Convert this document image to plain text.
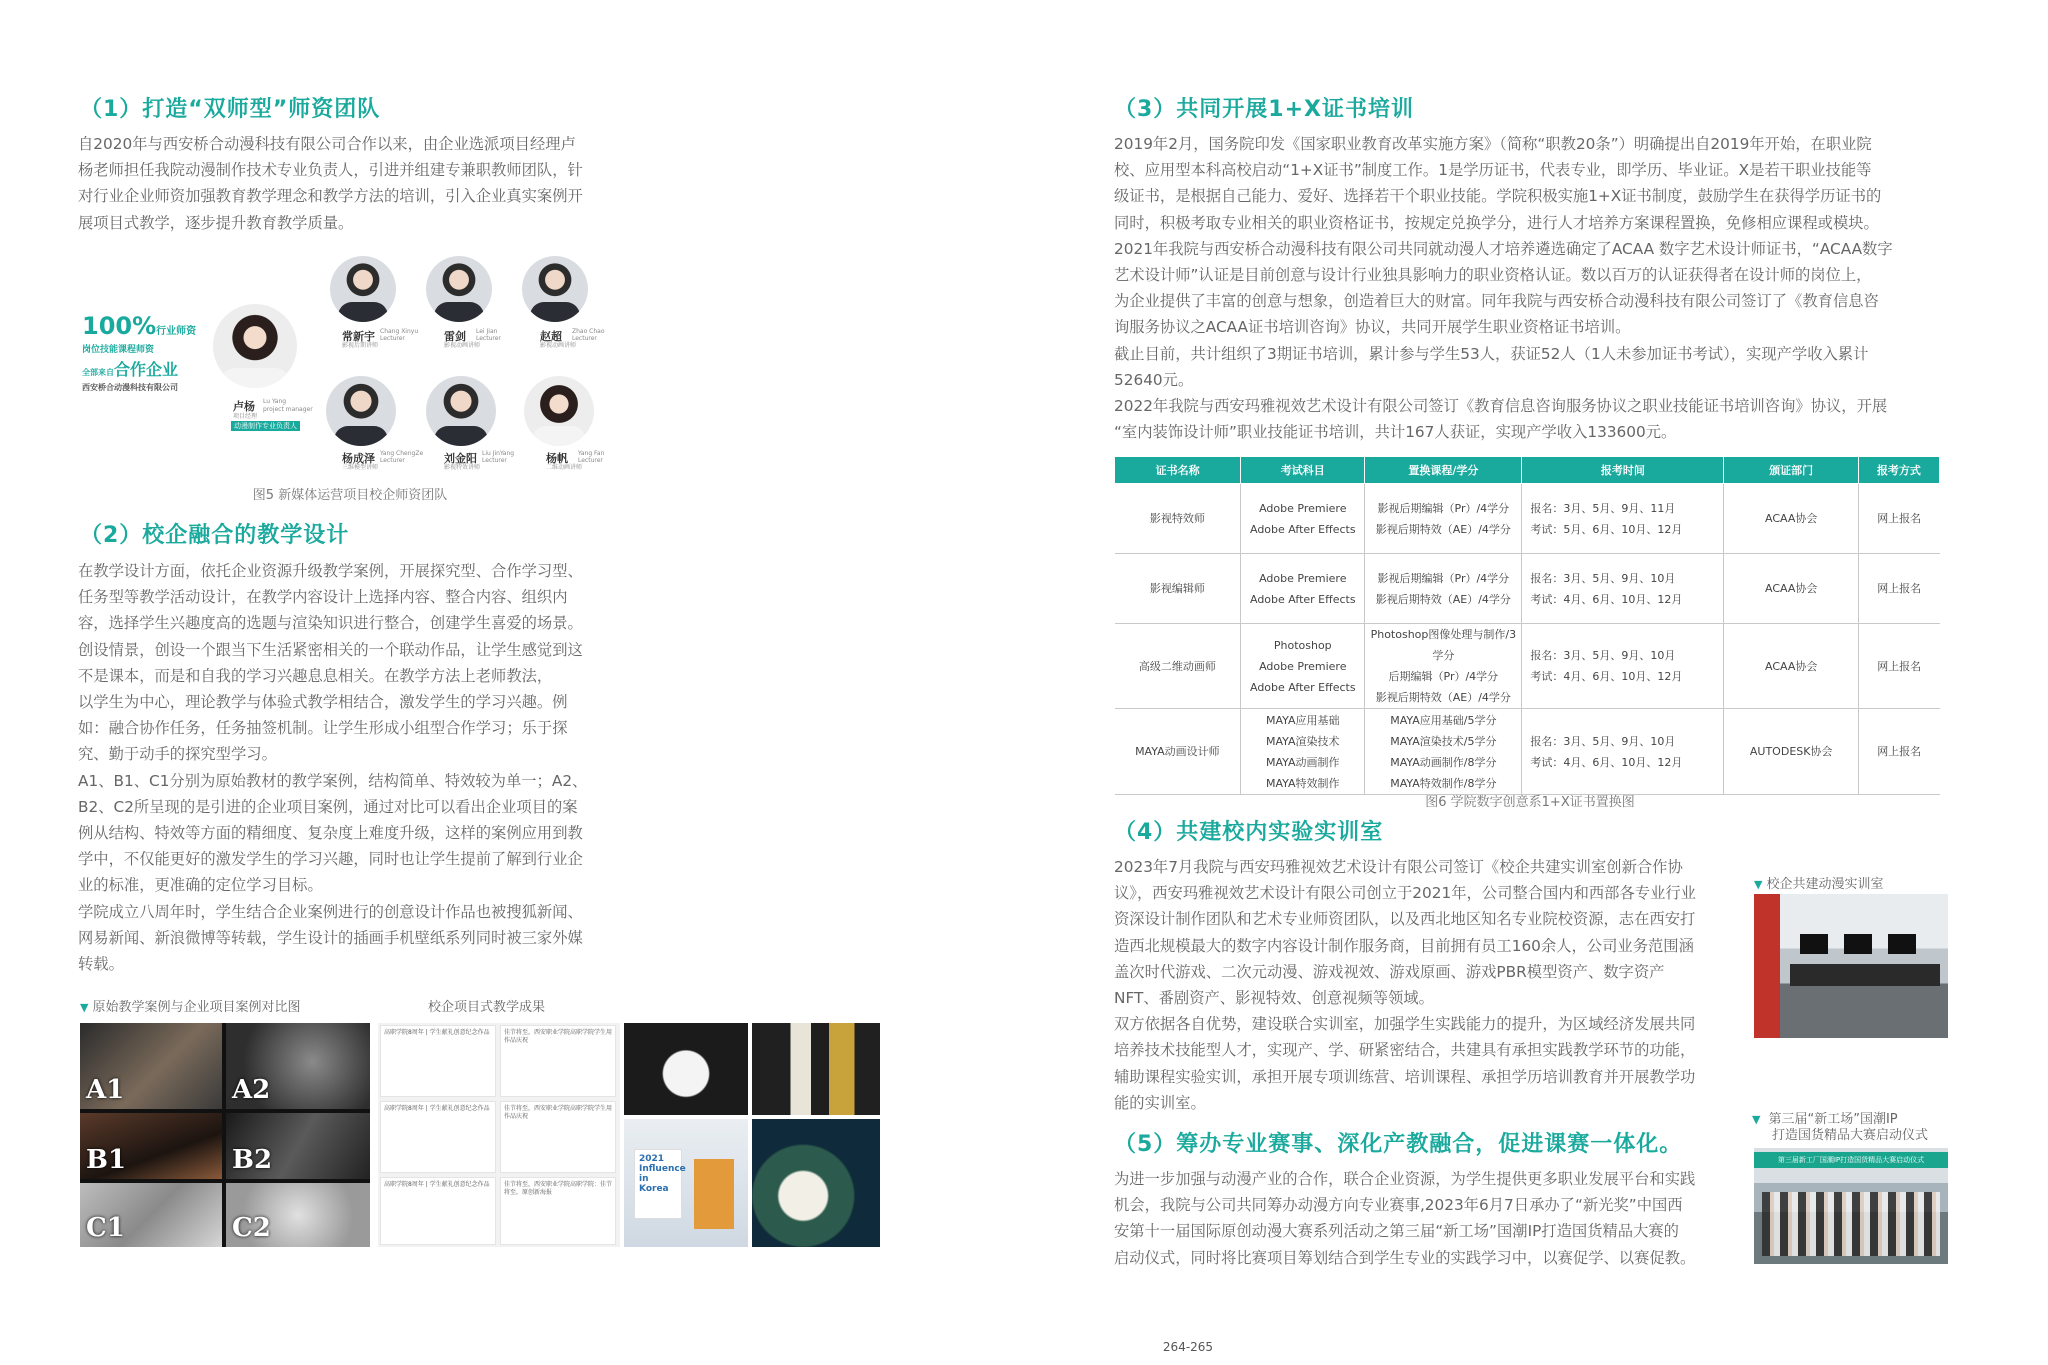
（1）打造“双师型”师资团队

自2020年与西安桥合动漫科技有限公司合作以来，由企业选派项目经理卢

杨老师担任我院动漫制作技术专业负责人，引进并组建专兼职教师团队，针

对行业企业师资加强教育教学理念和教学方法的培训，引入企业真实案例开

展项目式教学，逐步提升教育教学质量。

100%行业师资
岗位技能课程师资
全部来自合作企业
西安桥合动漫科技有限公司
卢杨 Lu Yang
project manager
项目经理
动漫制作专业负责人
常新宇 Chang Xinyu
Lecturer
影视后期讲师
雷剑 Lei Jian
Lecturer
影视动画讲师
赵超 Zhao Chao
Lecturer
影视动画讲师
杨成泽 Yang ChengZe
Lecturer
三维模型讲师
刘金阳 Liu JinYang
Lecturer
影视特效讲师
杨帆 Yang Fan
Lecturer
二维动画讲师
图5 新媒体运营项目校企师资团队
（2）校企融合的教学设计

在教学设计方面，依托企业资源升级教学案例，开展探究型、合作学习型、

任务型等教学活动设计，在教学内容设计上选择内容、整合内容、组织内

容，选择学生兴趣度高的选题与渲染知识进行整合，创建学生喜爱的场景。

创设情景，创设一个跟当下生活紧密相关的一个联动作品，让学生感觉到这

不是课本，而是和自我的学习兴趣息息相关。在教学方法上老师教法，

以学生为中心，理论教学与体验式教学相结合，激发学生的学习兴趣。例

如：融合协作任务，任务抽签机制。让学生形成小组型合作学习；乐于探

究、勤于动手的探究型学习。

A1、B1、C1分别为原始教材的教学案例，结构简单、特效较为单一；A2、

B2、C2所呈现的是引进的企业项目案例，通过对比可以看出企业项目的案

例从结构、特效等方面的精细度、复杂度上难度升级，这样的案例应用到教

学中，不仅能更好的激发学生的学习兴趣，同时也让学生提前了解到行业企

业的标准，更准确的定位学习目标。

学院成立八周年时，学生结合企业案例进行的创意设计作品也被搜狐新闻、

网易新闻、新浪微博等转载，学生设计的插画手机壁纸系列同时被三家外媒

转载。

▼ 原始教学案例与企业项目案例对比图	校企项目式教学成果
A1	A2
B1	B2
C1	C2
高职学院8周年 | 学生献礼创意纪念作品	佳节将至，西安职业学院高职学院学生用作品庆祝
高职学院8周年 | 学生献礼创意纪念作品	佳节将至，西安职业学院高职学院学生用作品庆祝
高职学院8周年 | 学生献礼创意纪念作品	佳节将至，西安职业学院高职学院：佳节将至，原创新海报
2021 Influence in Korea
（3）共同开展1+X证书培训

2019年2月，国务院印发《国家职业教育改革实施方案》（简称“职教20条”）明确提出自2019年开始，在职业院

校、应用型本科高校启动“1+X证书”制度工作。1是学历证书，代表专业，即学历、毕业证。X是若干职业技能等

级证书，是根据自己能力、爱好、选择若干个职业技能。学院积极实施1+X证书制度，鼓励学生在获得学历证书的

同时，积极考取专业相关的职业资格证书，按规定兑换学分，进行人才培养方案课程置换，免修相应课程或模块。

2021年我院与西安桥合动漫科技有限公司共同就动漫人才培养遴选确定了ACAA 数字艺术设计师证书，“ACAA数字

艺术设计师”认证是目前创意与设计行业独具影响力的职业资格认证。数以百万的认证获得者在设计师的岗位上，

为企业提供了丰富的创意与想象，创造着巨大的财富。同年我院与西安桥合动漫科技有限公司签订了《教育信息咨

询服务协议之ACAA证书培训咨询》协议，共同开展学生职业资格证书培训。

截止目前，共计组织了3期证书培训，累计参与学生53人，获证52人（1人未参加证书考试），实现产学收入累计

52640元。

2022年我院与西安玛雅视效艺术设计有限公司签订《教育信息咨询服务协议之职业技能证书培训咨询》协议，开展

“室内装饰设计师”职业技能证书培训，共计167人获证，实现产学收入133600元。

证书名称	考试科目	置换课程/学分	报考时间	颁证部门	报考方式
影视特效师	Adobe Premiere
Adobe After Effects	影视后期编辑（Pr）/4学分
影视后期特效（AE）/4学分	报名：3月、5月、9月、11月
考试：5月、6月、10月、12月	ACAA协会	网上报名
影视编辑师	Adobe Premiere
Adobe After Effects	影视后期编辑（Pr）/4学分
影视后期特效（AE）/4学分	报名：3月、5月、9月、10月
考试：4月、6月、10月、12月	ACAA协会	网上报名
高级二维动画师	Photoshop
Adobe Premiere
Adobe After Effects	Photoshop图像处理与制作/3学分
后期编辑（Pr）/4学分
影视后期特效（AE）/4学分	报名：3月、5月、9月、10月
考试：4月、6月、10月、12月	ACAA协会	网上报名
MAYA动画设计师	MAYA应用基础
MAYA渲染技术
MAYA动画制作
MAYA特效制作	MAYA应用基础/5学分
MAYA渲染技术/5学分
MAYA动画制作/8学分
MAYA特效制作/8学分	报名：3月、5月、9月、10月
考试：4月、6月、10月、12月	AUTODESK协会	网上报名
图6 学院数字创意系1+X证书置换图
（4）共建校内实验实训室

2023年7月我院与西安玛雅视效艺术设计有限公司签订《校企共建实训室创新合作协

议》，西安玛雅视效艺术设计有限公司创立于2021年，公司整合国内和西部各专业行业

资深设计制作团队和艺术专业师资团队，以及西北地区知名专业院校资源，志在西安打

造西北规模最大的数字内容设计制作服务商，目前拥有员工160余人，公司业务范围涵

盖次时代游戏、二次元动漫、游戏视效、游戏原画、游戏PBR模型资产、数字资产

NFT、番剧资产、影视特效、创意视频等领域。

双方依据各自优势，建设联合实训室，加强学生实践能力的提升，为区域经济发展共同

培养技术技能型人才，实现产、学、研紧密结合，共建具有承担实践教学环节的功能，

辅助课程实验实训，承担开展专项训练营、培训课程、承担学历培训教育并开展教学功

能的实训室。

▼ 校企共建动漫实训室
（5）筹办专业赛事、深化产教融合，促进课赛一体化。

为进一步加强与动漫产业的合作，联合企业资源，为学生提供更多职业发展平台和实践

机会，我院与公司共同筹办动漫方向专业赛事,2023年6月7日承办了“新光奖”中国西

安第十一届国际原创动漫大赛系列活动之第三届“新工场”国潮IP打造国货精品大赛的

启动仪式，同时将比赛项目筹划结合到学生专业的实践学习中，以赛促学、以赛促教。

▼ 第三届“新工场”国潮IP
打造国货精品大赛启动仪式
第三届新工厂国潮IP打造国货精品大赛启动仪式
264-265
